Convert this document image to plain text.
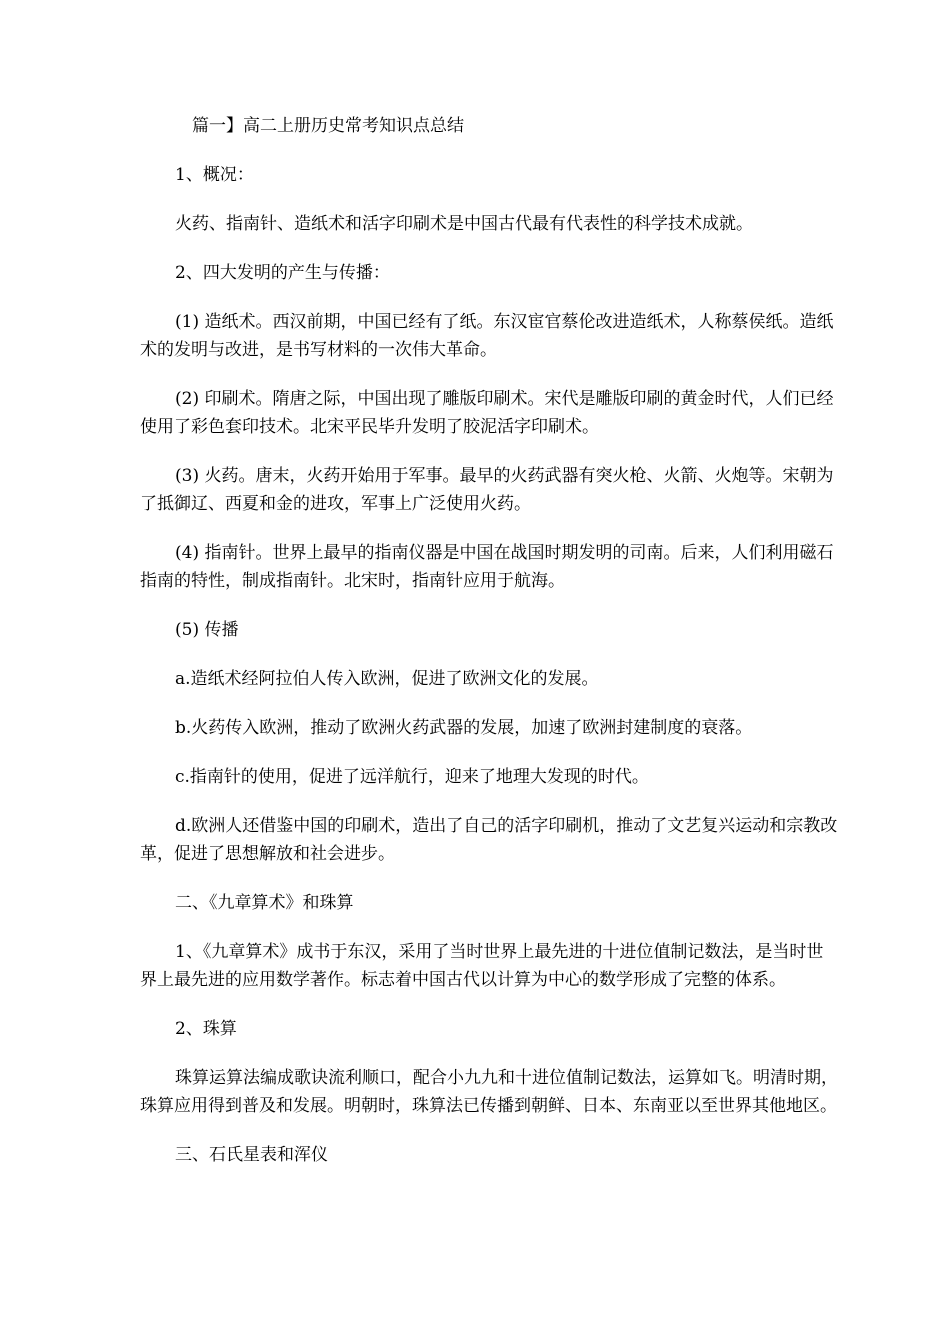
篇一】高二上册历史常考知识点总结

1、概况：

火药、指南针、造纸术和活字印刷术是中国古代最有代表性的科学技术成就。

2、四大发明的产生与传播：

(1) 造纸术。西汉前期，中国已经有了纸。东汉宦官蔡伦改进造纸术，人称蔡侯纸。造纸术的发明与改进，是书写材料的一次伟大革命。

(2) 印刷术。隋唐之际，中国出现了雕版印刷术。宋代是雕版印刷的黄金时代，人们已经使用了彩色套印技术。北宋平民毕升发明了胶泥活字印刷术。

(3) 火药。唐末，火药开始用于军事。最早的火药武器有突火枪、火箭、火炮等。宋朝为了抵御辽、西夏和金的进攻，军事上广泛使用火药。

(4) 指南针。世界上最早的指南仪器是中国在战国时期发明的司南。后来，人们利用磁石指南的特性，制成指南针。北宋时，指南针应用于航海。

(5) 传播

a.造纸术经阿拉伯人传入欧洲，促进了欧洲文化的发展。

b.火药传入欧洲，推动了欧洲火药武器的发展，加速了欧洲封建制度的衰落。

c.指南针的使用，促进了远洋航行，迎来了地理大发现的时代。

d.欧洲人还借鉴中国的印刷术，造出了自己的活字印刷机，推动了文艺复兴运动和宗教改革，促进了思想解放和社会进步。

二、《九章算术》和珠算

1、《九章算术》成书于东汉，采用了当时世界上最先进的十进位值制记数法，是当时世界上最先进的应用数学著作。标志着中国古代以计算为中心的数学形成了完整的体系。

2、珠算

珠算运算法编成歌诀流利顺口，配合小九九和十进位值制记数法，运算如飞。明清时期，珠算应用得到普及和发展。明朝时，珠算法已传播到朝鲜、日本、东南亚以至世界其他地区。

三、石氏星表和浑仪
